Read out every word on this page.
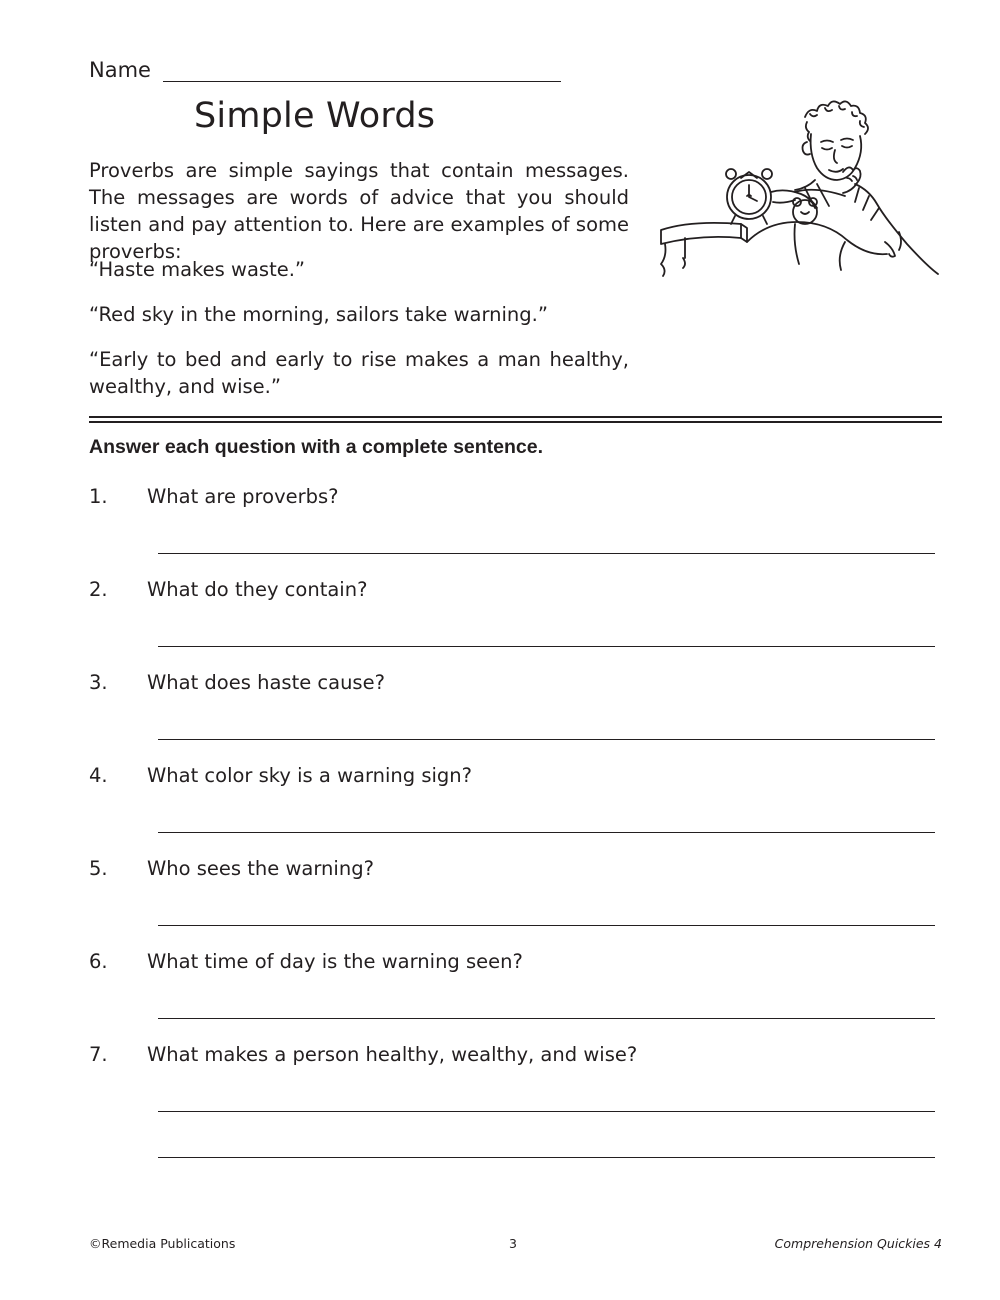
Name
Simple Words

Proverbs are simple sayings that contain messages. The messages are words of advice that you should listen and pay attention to. Here are examples of some proverbs:

“Haste makes waste.”

“Red sky in the morning, sailors take warning.”

“Early to bed and early to rise makes a man healthy, wealthy, and wise.”

Answer each question with a complete sentence.

1.	What are proverbs?
2.	What do they contain?
3.	What does haste cause?
4.	What color sky is a warning sign?
5.	Who sees the warning?
6.	What time of day is the warning seen?
7.	What makes a person healthy, wealthy, and wise?
©Remedia Publications	3	Comprehension Quickies 4
